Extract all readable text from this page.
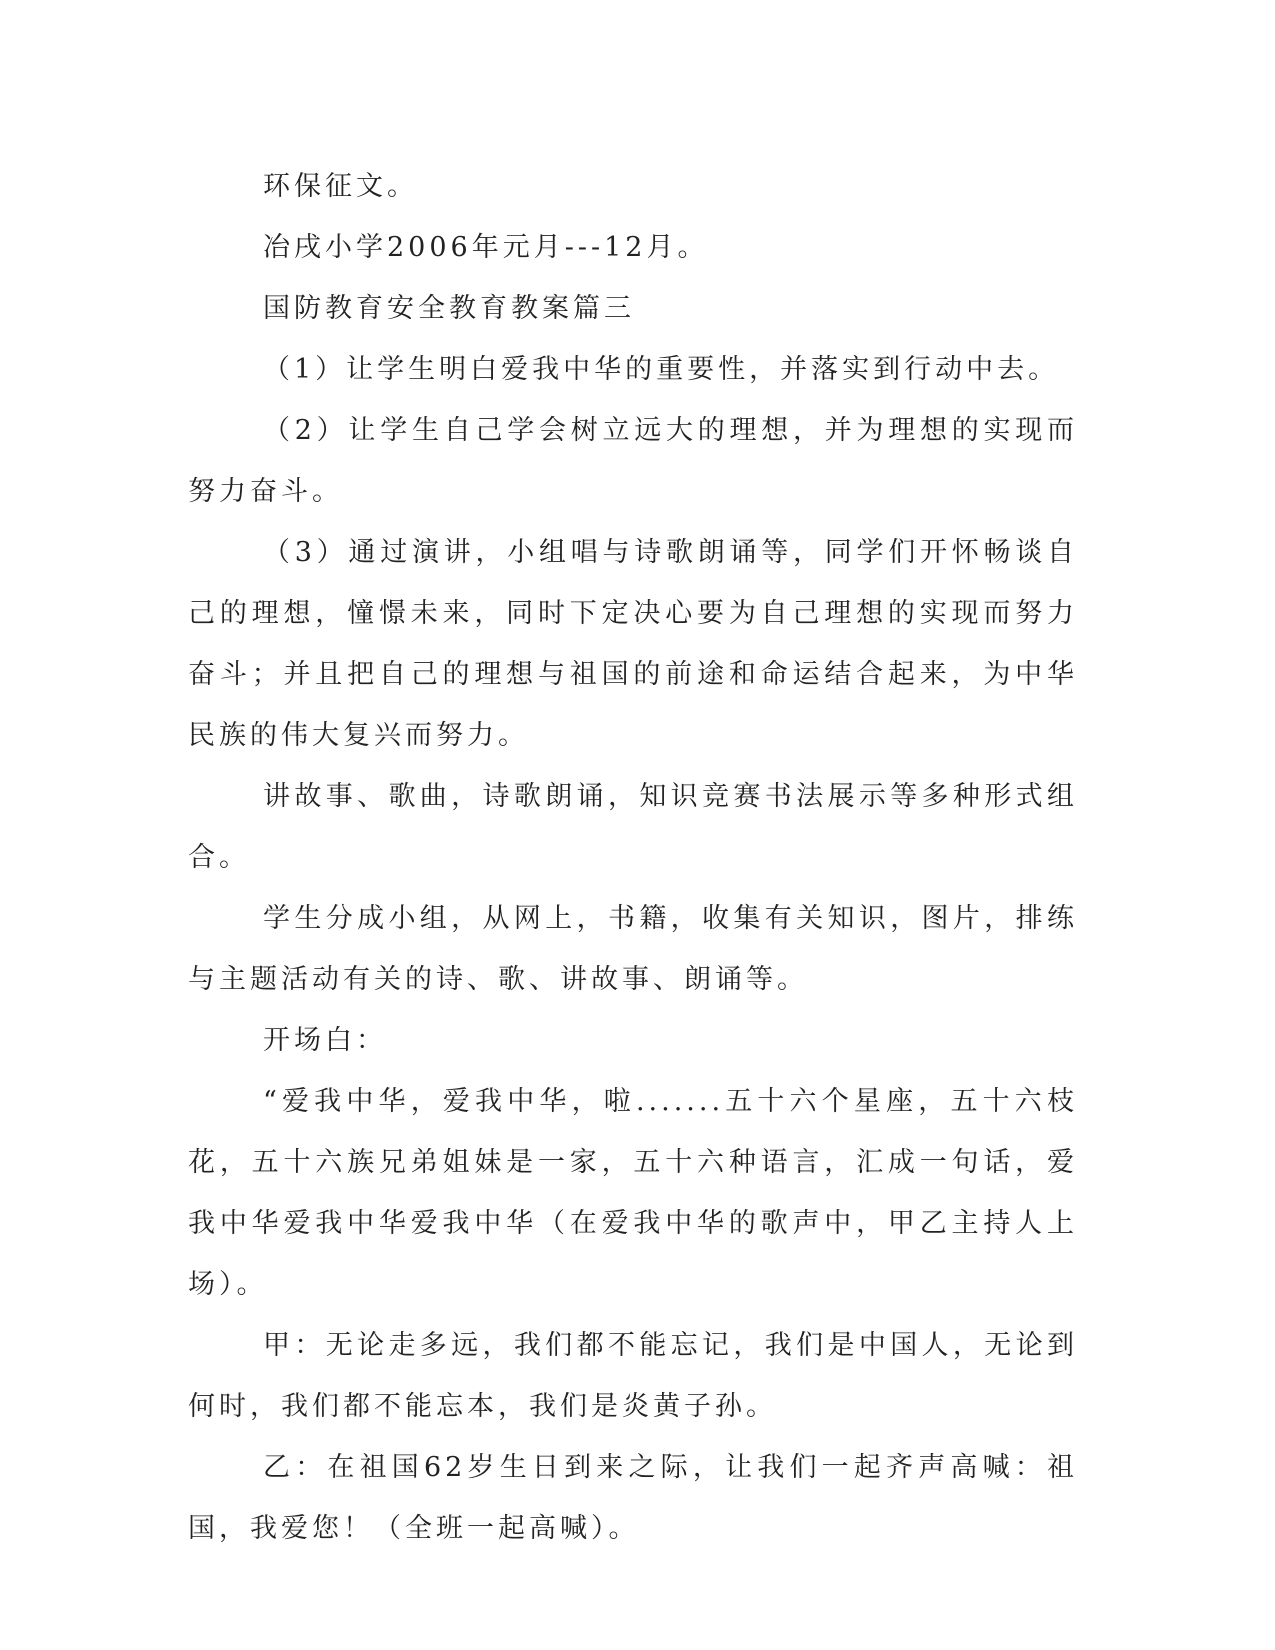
环保征文。

冶戌小学2006年元月---12月。

国防教育安全教育教案篇三

（1）让学生明白爱我中华的重要性，并落实到行动中去。

（2）让学生自己学会树立远大的理想，并为理想的实现而努力奋斗。

（3）通过演讲，小组唱与诗歌朗诵等，同学们开怀畅谈自己的理想，憧憬未来，同时下定决心要为自己理想的实现而努力奋斗；并且把自己的理想与祖国的前途和命运结合起来，为中华民族的伟大复兴而努力。

讲故事、歌曲，诗歌朗诵，知识竞赛书法展示等多种形式组合。

学生分成小组，从网上，书籍，收集有关知识，图片，排练与主题活动有关的诗、歌、讲故事、朗诵等。

开场白：

“爱我中华，爱我中华，啦.......五十六个星座，五十六枝花，五十六族兄弟姐妹是一家，五十六种语言，汇成一句话，爱我中华爱我中华爱我中华（在爱我中华的歌声中，甲乙主持人上场）。

甲：无论走多远，我们都不能忘记，我们是中国人，无论到何时，我们都不能忘本，我们是炎黄子孙。

乙：在祖国62岁生日到来之际，让我们一起齐声高喊：祖国，我爱您！（全班一起高喊）。
